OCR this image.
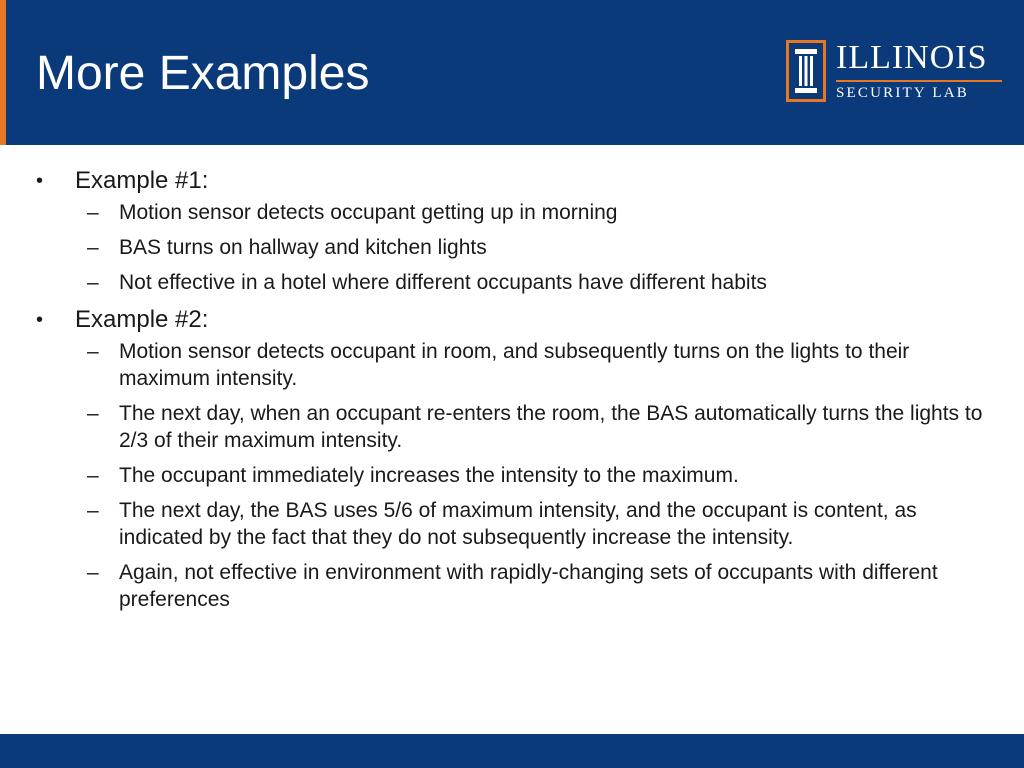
More Examples	ILLINOIS
SECURITY LAB
• Example #1:
– Motion sensor detects occupant getting up in morning
– BAS turns on hallway and kitchen lights
– Not effective in a hotel where different occupants have different habits
• Example #2:
– Motion sensor detects occupant in room, and subsequently turns on the lights to their maximum intensity.
– The next day, when an occupant re-enters the room, the BAS automatically turns the lights to 2/3 of their maximum intensity.
– The occupant immediately increases the intensity to the maximum.
– The next day, the BAS uses 5/6 of maximum intensity, and the occupant is content, as indicated by the fact that they do not subsequently increase the intensity.
– Again, not effective in environment with rapidly-changing sets of occupants with different preferences
